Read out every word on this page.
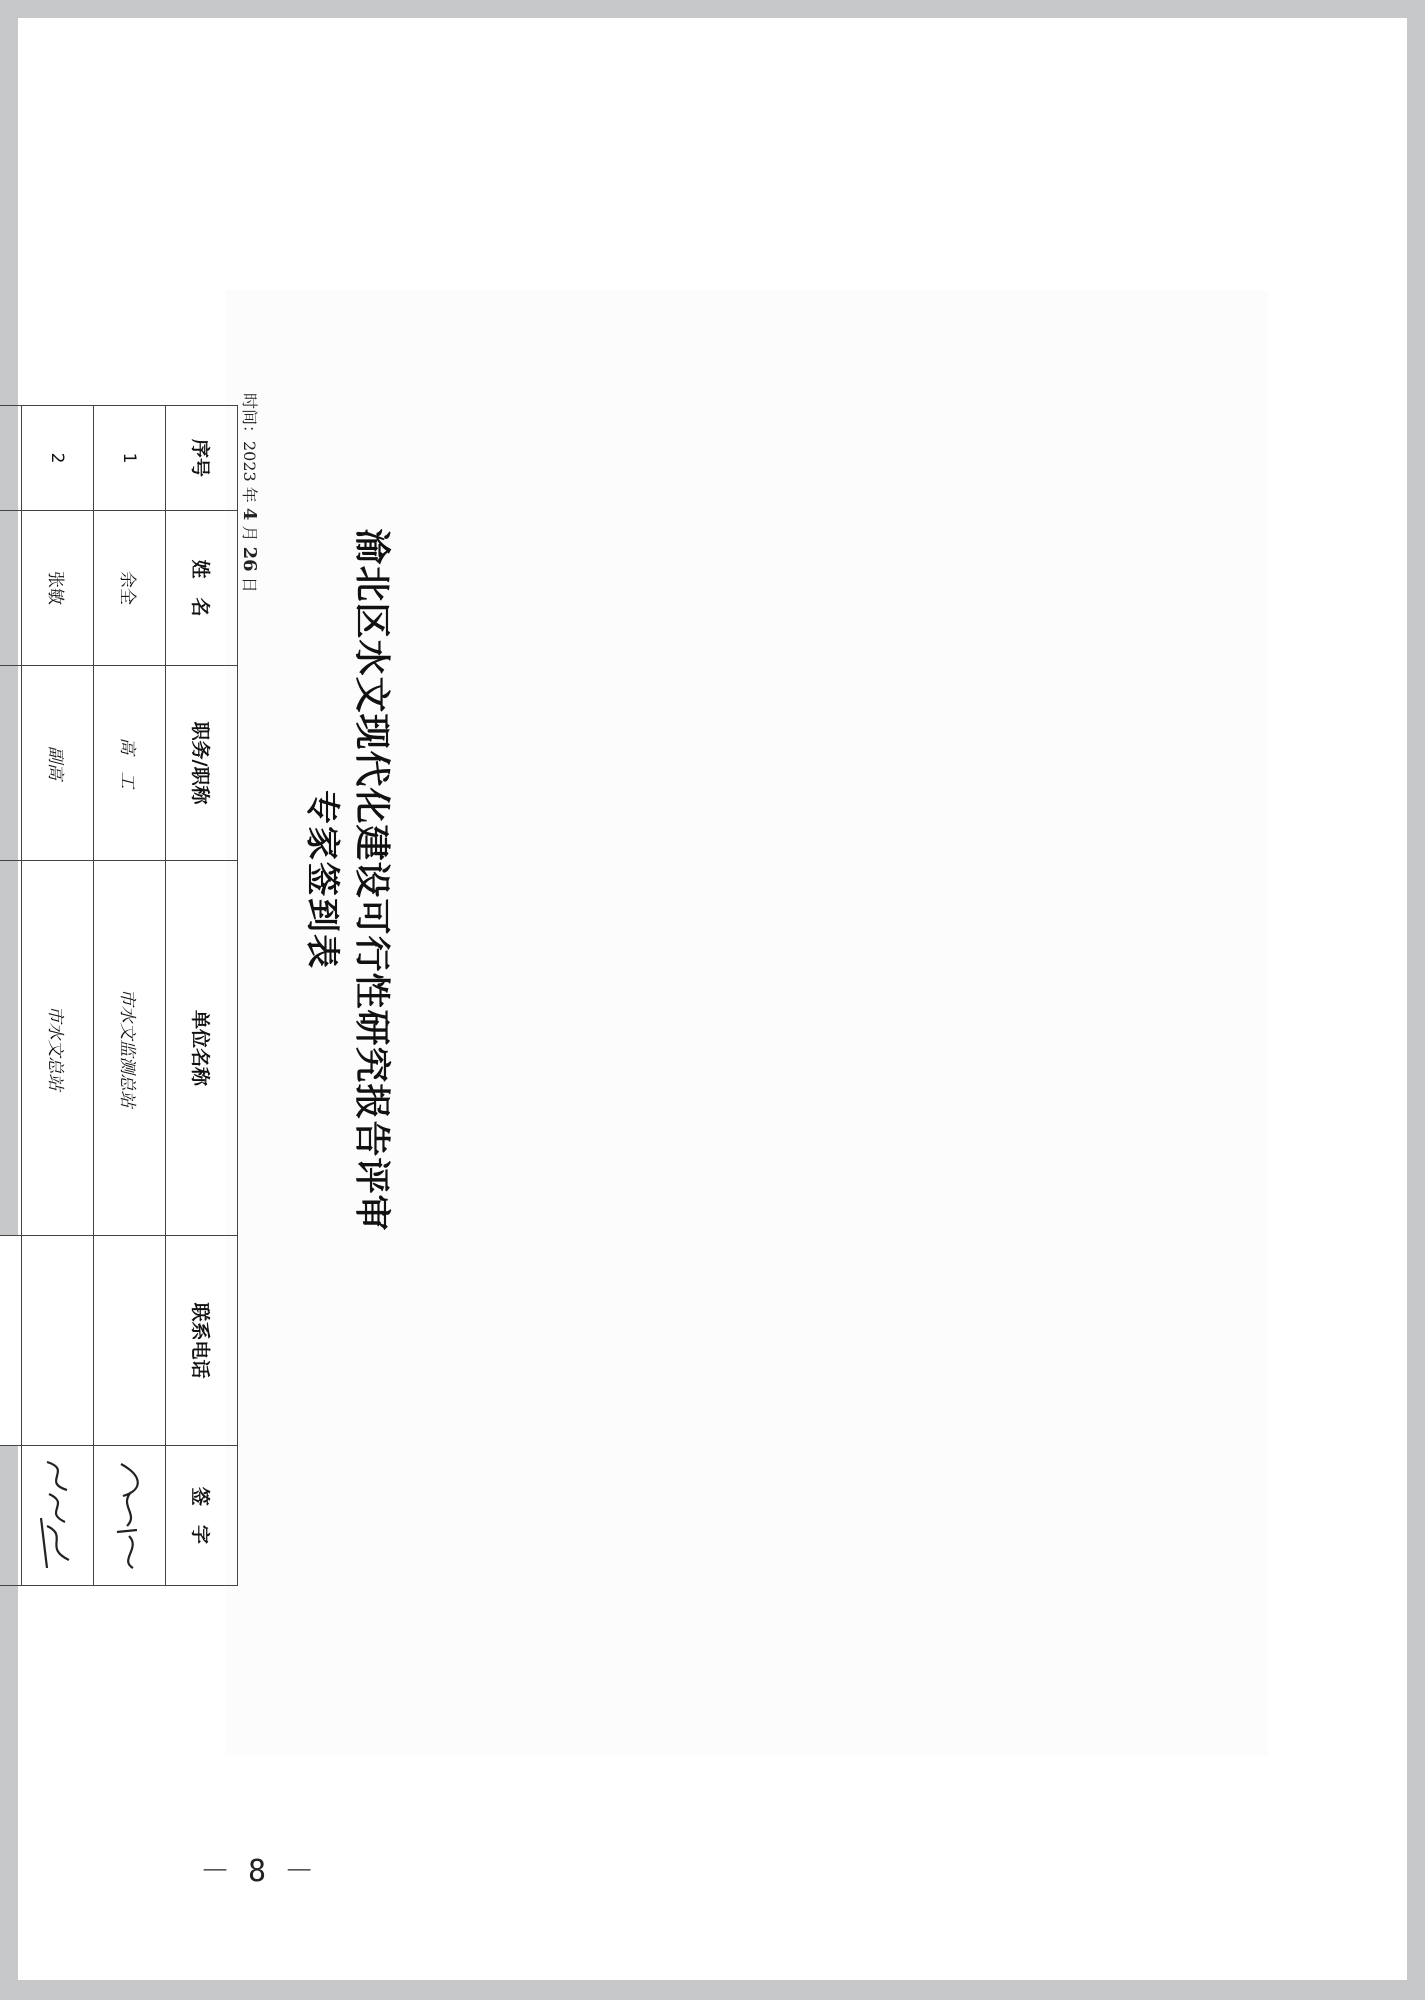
渝北区水文现代化建设可行性研究报告评审
专家签到表
时间：2023 年 4 月 26 日
序号	姓　名	职务/职称	单位名称	联系电话	签　字
1	余全	高　工	市水文监测总站		
2	张敏	副高	市水文总站		

－ 8 －
